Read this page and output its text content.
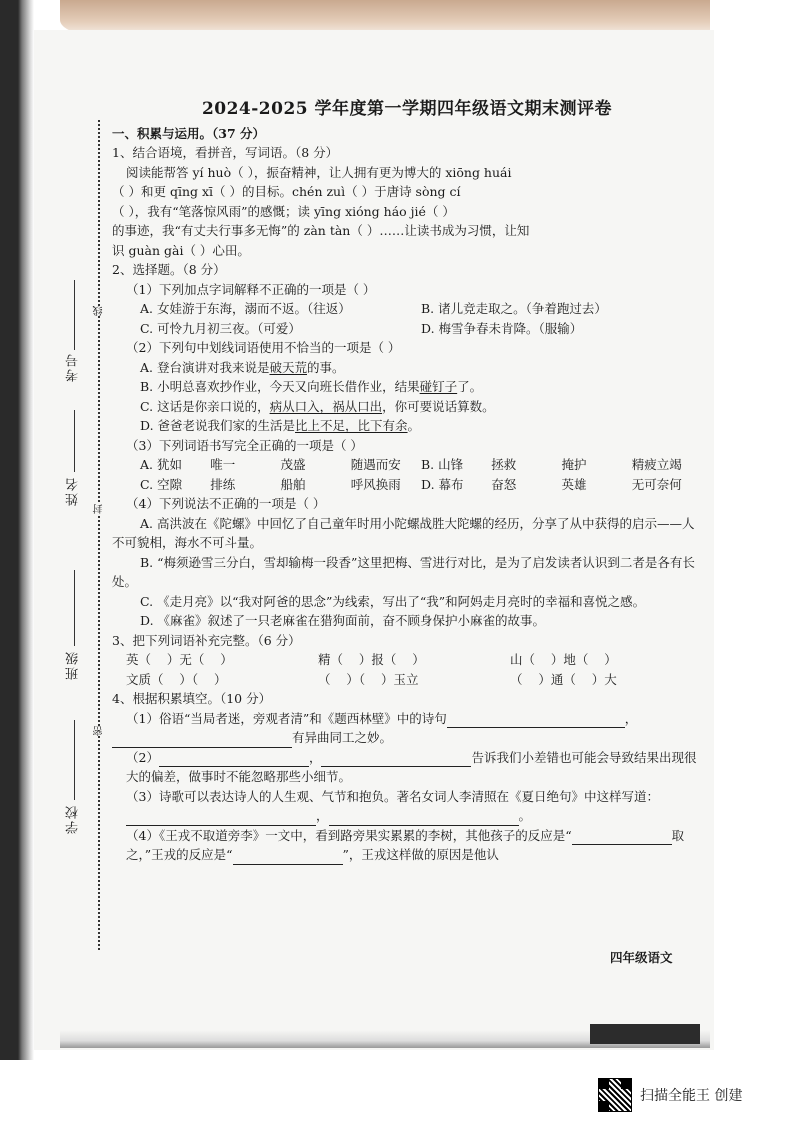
考号
线
姓名
封
班级
密
学校

2024-2025 学年度第一学期四年级语文期末测评卷

一、积累与运用。（37 分）

1、结合语境，看拼音，写词语。（8 分）

阅读能帮答 yí huò（ ），振奋精神，让人拥有更为博大的 xiōng huái

（ ）和更 qīng xī（ ）的目标。chén zuì（ ）于唐诗 sòng cí

（ ），我有“笔落惊风雨”的感慨；读 yīng xióng háo jié（ ）

的事迹，我“有丈夫行事多无悔”的 zàn tàn（ ）……让读书成为习惯，让知

识 guàn gài（ ）心田。

2、选择题。（8 分）

（1）下列加点字词解释不正确的一项是（ ）

A. 女娃游于东海，溺而不返。（往返）	B. 诸儿竞走取之。（争着跑过去）
C. 可怜九月初三夜。（可爱）	D. 梅雪争春未肯降。（服输）

（2）下列句中划线词语使用不恰当的一项是（ ）

A. 登台演讲对我来说是破天荒的事。

B. 小明总喜欢抄作业，今天又向班长借作业，结果碰钉子了。

C. 这话是你亲口说的，病从口入，祸从口出，你可要说话算数。

D. 爸爸老说我们家的生活是比上不足，比下有余。

（3）下列词语书写完全正确的一项是（ ）

A. 犹如	唯一	茂盛	随遇而安	B. 山锋	拯救	掩护	精疲立竭
C. 空隙	排练	船舶	呼风换雨	D. 幕布	奋怒	英雄	无可奈何

（4）下列说法不正确的一项是（ ）

A. 高洪波在《陀螺》中回忆了自己童年时用小陀螺战胜大陀螺的经历，分享了从中获得的启示——人不可貌相，海水不可斗量。

B. “梅须逊雪三分白，雪却输梅一段香”这里把梅、雪进行对比，是为了启发读者认识到二者是各有长处。

C. 《走月亮》以“我对阿爸的思念”为线索，写出了“我”和阿妈走月亮时的幸福和喜悦之感。

D. 《麻雀》叙述了一只老麻雀在猎狗面前，奋不顾身保护小麻雀的故事。

3、把下列词语补充完整。（6 分）

英（    ）无（    ）	精（    ）报（    ）	山（    ）地（    ）
文质（    ）（    ）	（    ）（    ）玉立	（    ）通（    ）大

4、根据积累填空。（10 分）

（1）俗语“当局者迷，旁观者清”和《题西林壁》中的诗句	，

有异曲同工之妙。

（2）	，	告诉我们小差错也可能会导致结果出现很大的偏差，做事时不能忽略那些小细节。

（3）诗歌可以表达诗人的人生观、气节和抱负。著名女词人李清照在《夏日绝句》中这样写道：，	。

（4）《王戎不取道旁李》一文中，看到路旁果实累累的李树，其他孩子的反应是“	取之，”王戎的反应是“	”，王戎这样做的原因是他认

四年级语文
扫描全能王 创建
